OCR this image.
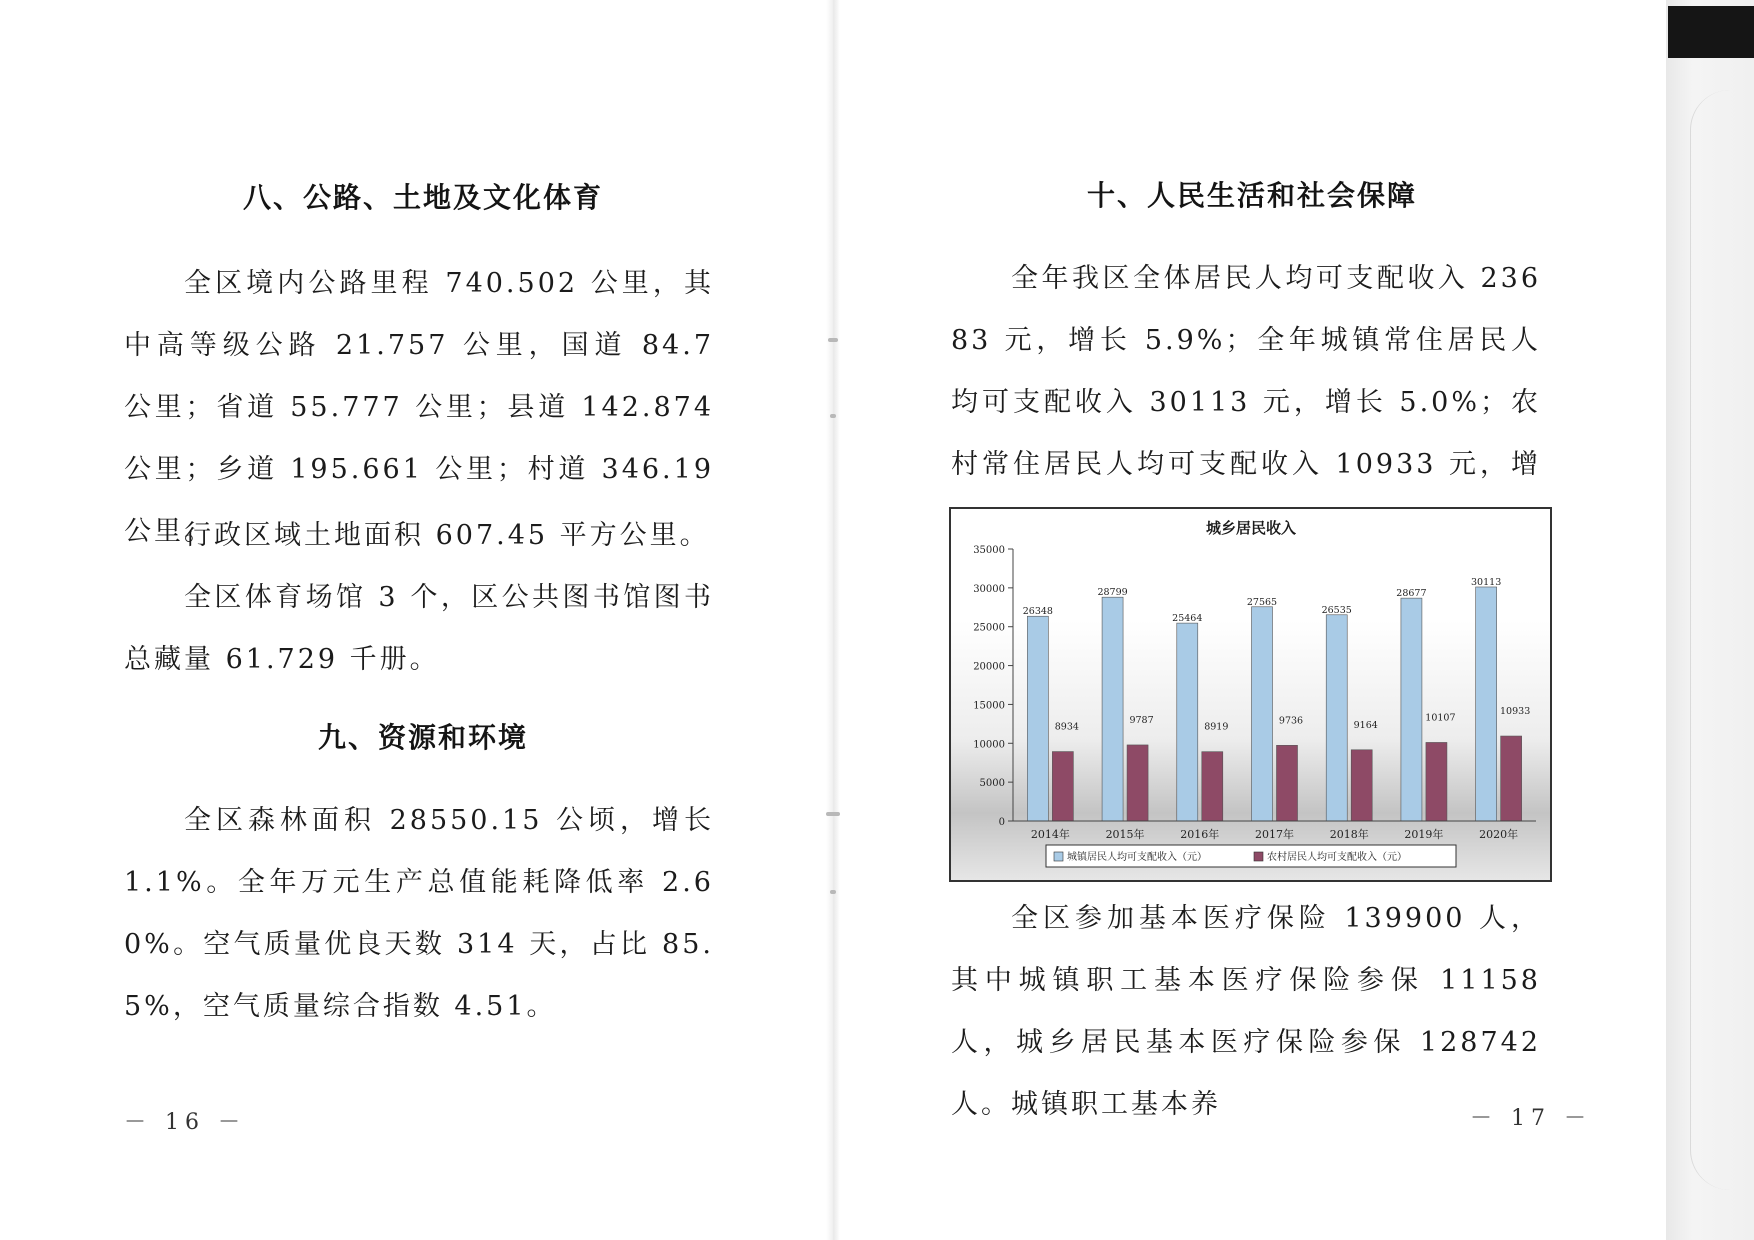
八、公路、土地及文化体育
全区境内公路里程 740.502 公里，其中高等级公路 21.757 公里，国道 84.7 公里；省道 55.777 公里；县道 142.874 公里；乡道 195.661 公里；村道 346.19 公里。
行政区域土地面积 607.45 平方公里。
全区体育场馆 3 个，区公共图书馆图书总藏量 61.729 千册。
九、资源和环境
全区森林面积 28550.15 公顷，增长 1.1%。全年万元生产总值能耗降低率 2.60%。空气质量优良天数 314 天，占比 85.5%，空气质量综合指数 4.51。
－ 16 －
十、人民生活和社会保障
全年我区全体居民人均可支配收入 23683 元，增长 5.9%；全年城镇常住居民人均可支配收入 30113 元，增长 5.0%；农村常住居民人均可支配收入 10933 元，增
城乡居民收入
0
5000
10000
15000
20000
25000
30000
35000
26348
8934
28799
9787
25464
8919
27565
9736
26535
9164
28677
10107
30113
10933
2014年	2015年	2016年	2017年	2018年	2019年	2020年
城镇居民人均可支配收入（元）	农村居民人均可支配收入（元）
全区参加基本医疗保险 139900 人，其中城镇职工基本医疗保险参保 11158 人，城乡居民基本医疗保险参保 128742 人。城镇职工基本养	－ 17 －
